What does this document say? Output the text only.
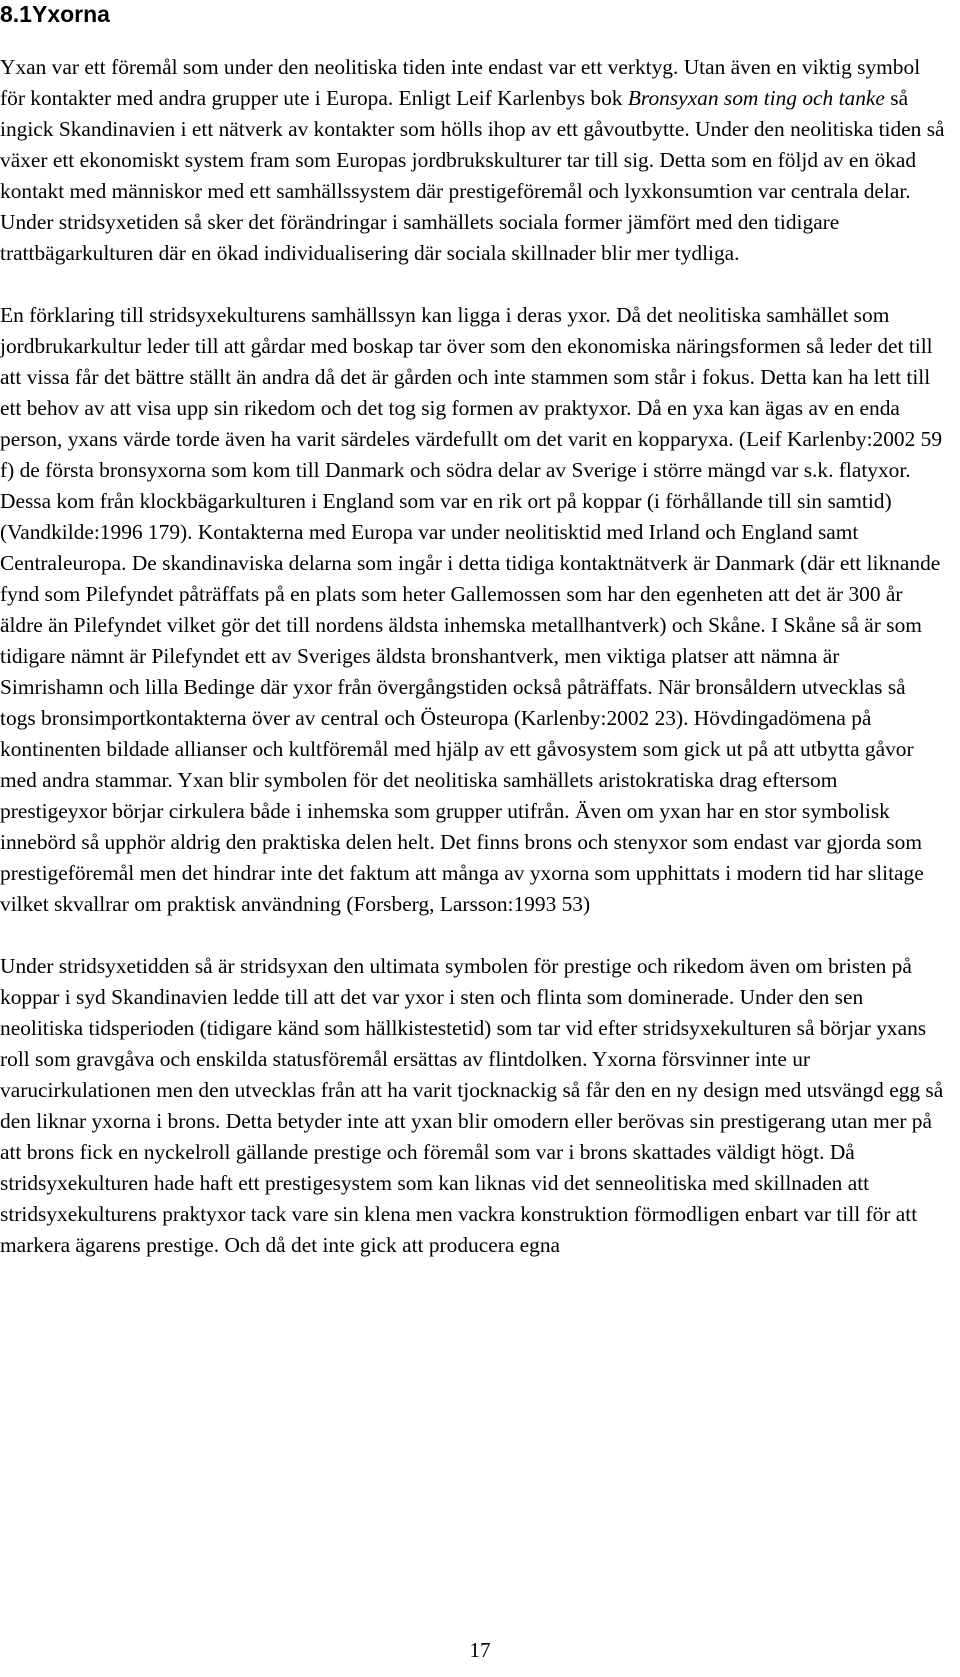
8.1Yxorna

Yxan var ett föremål som under den neolitiska tiden inte endast var ett verktyg. Utan även en viktig symbol för kontakter med andra grupper ute i Europa. Enligt Leif Karlenbys bok Bronsyxan som ting och tanke så ingick Skandinavien i ett nätverk av kontakter som hölls ihop av ett gåvoutbytte. Under den neolitiska tiden så växer ett ekonomiskt system fram som Europas jordbrukskulturer tar till sig. Detta som en följd av en ökad kontakt med människor med ett samhällssystem där prestigeföremål och lyxkonsumtion var centrala delar. Under stridsyxetiden så sker det förändringar i samhällets sociala former jämfört med den tidigare trattbägarkulturen där en ökad individualisering där sociala skillnader blir mer tydliga.

En förklaring till stridsyxekulturens samhällssyn kan ligga i deras yxor. Då det neolitiska samhället som jordbrukarkultur leder till att gårdar med boskap tar över som den ekonomiska näringsformen så leder det till att vissa får det bättre ställt än andra då det är gården och inte stammen som står i fokus. Detta kan ha lett till ett behov av att visa upp sin rikedom och det tog sig formen av praktyxor. Då en yxa kan ägas av en enda person, yxans värde torde även ha varit särdeles värdefullt om det varit en kopparyxa. (Leif Karlenby:2002 59 f) de första bronsyxorna som kom till Danmark och södra delar av Sverige i större mängd var s.k. flatyxor. Dessa kom från klockbägarkulturen i England som var en rik ort på koppar (i förhållande till sin samtid) (Vandkilde:1996 179). Kontakterna med Europa var under neolitisktid med Irland och England samt Centraleuropa. De skandinaviska delarna som ingår i detta tidiga kontaktnätverk är Danmark (där ett liknande fynd som Pilefyndet påträffats på en plats som heter Gallemossen som har den egenheten att det är 300 år äldre än Pilefyndet vilket gör det till nordens äldsta inhemska metallhantverk) och Skåne. I Skåne så är som tidigare nämnt är Pilefyndet ett av Sveriges äldsta bronshantverk, men viktiga platser att nämna är Simrishamn och lilla Bedinge där yxor från övergångstiden också påträffats. När bronsåldern utvecklas så togs bronsimportkontakterna över av central och Östeuropa (Karlenby:2002 23). Hövdingadömena på kontinenten bildade allianser och kultföremål med hjälp av ett gåvosystem som gick ut på att utbytta gåvor med andra stammar. Yxan blir symbolen för det neolitiska samhällets aristokratiska drag eftersom prestigeyxor börjar cirkulera både i inhemska som grupper utifrån. Även om yxan har en stor symbolisk innebörd så upphör aldrig den praktiska delen helt. Det finns brons och stenyxor som endast var gjorda som prestigeföremål men det hindrar inte det faktum att många av yxorna som upphittats i modern tid har slitage vilket skvallrar om praktisk användning (Forsberg, Larsson:1993 53)

Under stridsyxetidden så är stridsyxan den ultimata symbolen för prestige och rikedom även om bristen på koppar i syd Skandinavien ledde till att det var yxor i sten och flinta som dominerade. Under den sen neolitiska tidsperioden (tidigare känd som hällkistestetid) som tar vid efter stridsyxekulturen så börjar yxans roll som gravgåva och enskilda statusföremål ersättas av flintdolken. Yxorna försvinner inte ur varucirkulationen men den utvecklas från att ha varit tjocknackig så får den en ny design med utsvängd egg så den liknar yxorna i brons. Detta betyder inte att yxan blir omodern eller berövas sin prestigerang utan mer på att brons fick en nyckelroll gällande prestige och föremål som var i brons skattades väldigt högt. Då stridsyxekulturen hade haft ett prestigesystem som kan liknas vid det senneolitiska med skillnaden att stridsyxekulturens praktyxor tack vare sin klena men vackra konstruktion förmodligen enbart var till för att markera ägarens prestige. Och då det inte gick att producera egna

17
